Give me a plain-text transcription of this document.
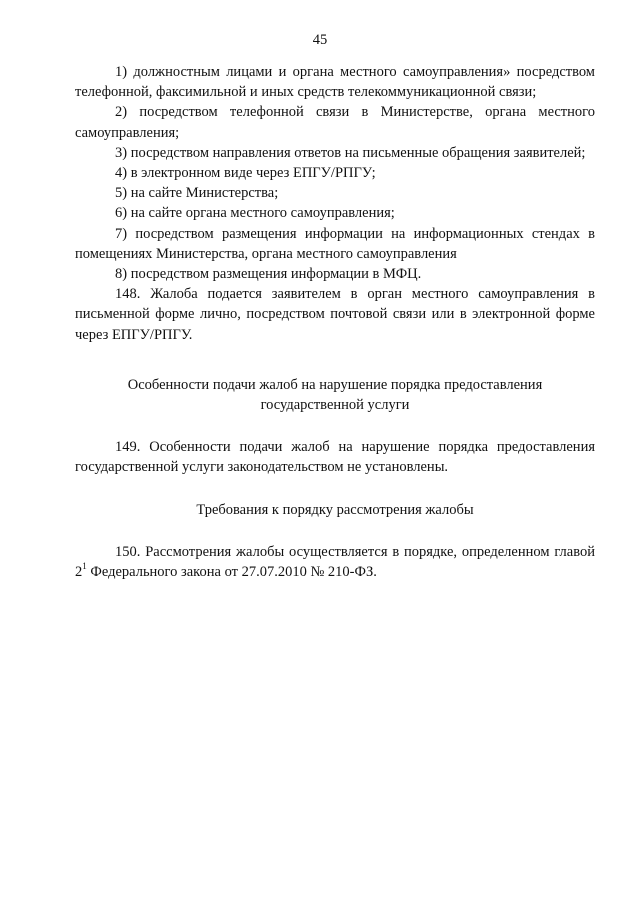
45

1) должностным лицами и органа местного самоуправления» посредством телефонной, факсимильной и иных средств телекоммуникационной связи;

2) посредством телефонной связи в Министерстве, органа местного самоуправления;

3) посредством направления ответов на письменные обращения заявителей;

4) в электронном виде через ЕПГУ/РПГУ;

5) на сайте Министерства;

6) на сайте органа местного самоуправления;

7) посредством размещения информации на информационных стендах в помещениях Министерства, органа местного самоуправления

8) посредством размещения информации в МФЦ.

148. Жалоба подается заявителем в орган местного самоуправления в письменной форме лично, посредством почтовой связи или в электронной форме через ЕПГУ/РПГУ.

Особенности подачи жалоб на нарушение порядка предоставления

государственной услуги

149. Особенности подачи жалоб на нарушение порядка предоставления государственной услуги законодательством не установлены.

Требования к порядку рассмотрения жалобы

150. Рассмотрения жалобы осуществляется в порядке, определенном главой $2^1$ Федерального закона от 27.07.2010 № 210-ФЗ.
